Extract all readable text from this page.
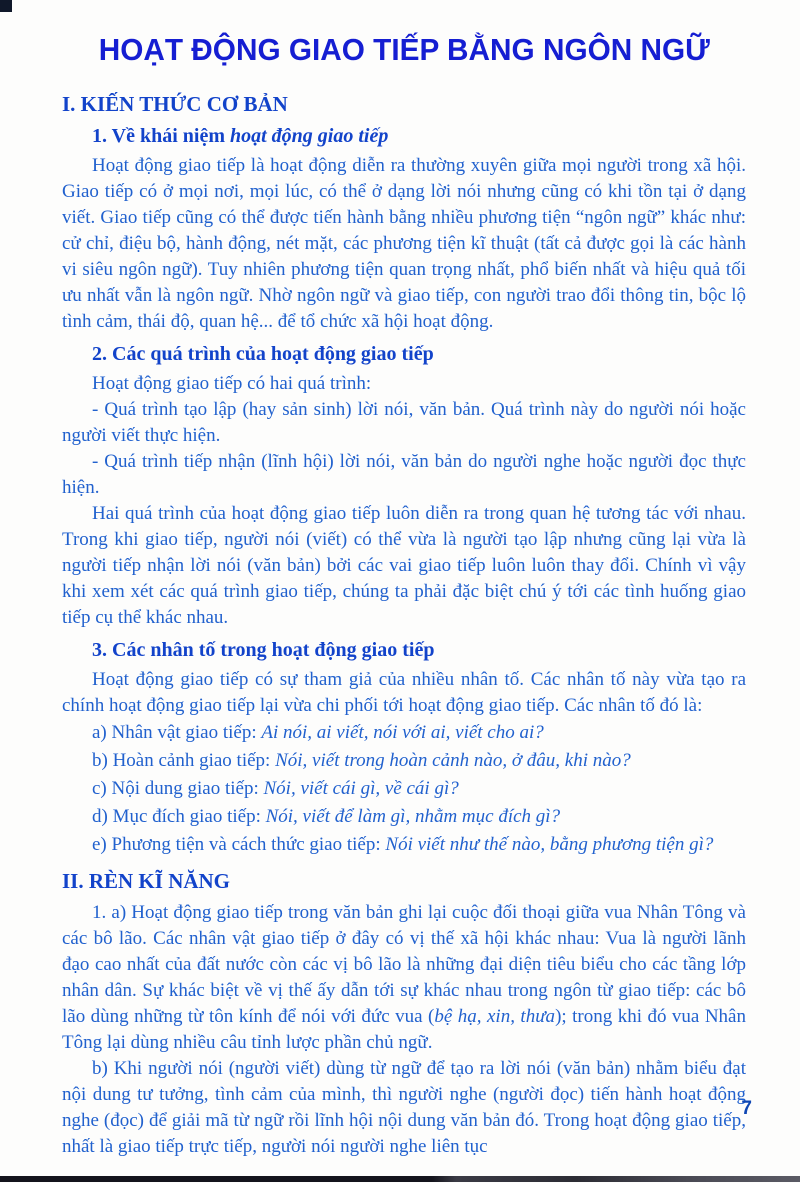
HOẠT ĐỘNG GIAO TIẾP BẰNG NGÔN NGỮ
I. KIẾN THỨC CƠ BẢN
1. Về khái niệm hoạt động giao tiếp

Hoạt động giao tiếp là hoạt động diễn ra thường xuyên giữa mọi người trong xã hội. Giao tiếp có ở mọi nơi, mọi lúc, có thể ở dạng lời nói nhưng cũng có khi tồn tại ở dạng viết. Giao tiếp cũng có thể được tiến hành bằng nhiều phương tiện “ngôn ngữ” khác như: cử chỉ, điệu bộ, hành động, nét mặt, các phương tiện kĩ thuật (tất cả được gọi là các hành vi siêu ngôn ngữ). Tuy nhiên phương tiện quan trọng nhất, phổ biến nhất và hiệu quả tối ưu nhất vẫn là ngôn ngữ. Nhờ ngôn ngữ và giao tiếp, con người trao đổi thông tin, bộc lộ tình cảm, thái độ, quan hệ... để tổ chức xã hội hoạt động.

2. Các quá trình của hoạt động giao tiếp

Hoạt động giao tiếp có hai quá trình:

- Quá trình tạo lập (hay sản sinh) lời nói, văn bản. Quá trình này do người nói hoặc người viết thực hiện.

- Quá trình tiếp nhận (lĩnh hội) lời nói, văn bản do người nghe hoặc người đọc thực hiện.

Hai quá trình của hoạt động giao tiếp luôn diễn ra trong quan hệ tương tác với nhau. Trong khi giao tiếp, người nói (viết) có thể vừa là người tạo lập nhưng cũng lại vừa là người tiếp nhận lời nói (văn bản) bởi các vai giao tiếp luôn luôn thay đổi. Chính vì vậy khi xem xét các quá trình giao tiếp, chúng ta phải đặc biệt chú ý tới các tình huống giao tiếp cụ thể khác nhau.

3. Các nhân tố trong hoạt động giao tiếp

Hoạt động giao tiếp có sự tham giả của nhiều nhân tố. Các nhân tố này vừa tạo ra chính hoạt động giao tiếp lại vừa chi phối tới hoạt động giao tiếp. Các nhân tố đó là:

a) Nhân vật giao tiếp: Ai nói, ai viết, nói với ai, viết cho ai?

b) Hoàn cảnh giao tiếp: Nói, viết trong hoàn cảnh nào, ở đâu, khi nào?

c) Nội dung giao tiếp: Nói, viết cái gì, về cái gì?

d) Mục đích giao tiếp: Nói, viết để làm gì, nhằm mục đích gì?

e) Phương tiện và cách thức giao tiếp: Nói viết như thế nào, bằng phương tiện gì?

II. RÈN KĨ NĂNG

1. a) Hoạt động giao tiếp trong văn bản ghi lại cuộc đối thoại giữa vua Nhân Tông và các bô lão. Các nhân vật giao tiếp ở đây có vị thế xã hội khác nhau: Vua là người lãnh đạo cao nhất của đất nước còn các vị bô lão là những đại diện tiêu biểu cho các tầng lớp nhân dân. Sự khác biệt về vị thế ấy dẫn tới sự khác nhau trong ngôn từ giao tiếp: các bô lão dùng những từ tôn kính để nói với đức vua (bệ hạ, xin, thưa); trong khi đó vua Nhân Tông lại dùng nhiều câu tỉnh lược phần chủ ngữ.

b) Khi người nói (người viết) dùng từ ngữ để tạo ra lời nói (văn bản) nhằm biểu đạt nội dung tư tưởng, tình cảm của mình, thì người nghe (người đọc) tiến hành hoạt động nghe (đọc) để giải mã từ ngữ rồi lĩnh hội nội dung văn bản đó. Trong hoạt động giao tiếp, nhất là giao tiếp trực tiếp, người nói người nghe liên tục

7
